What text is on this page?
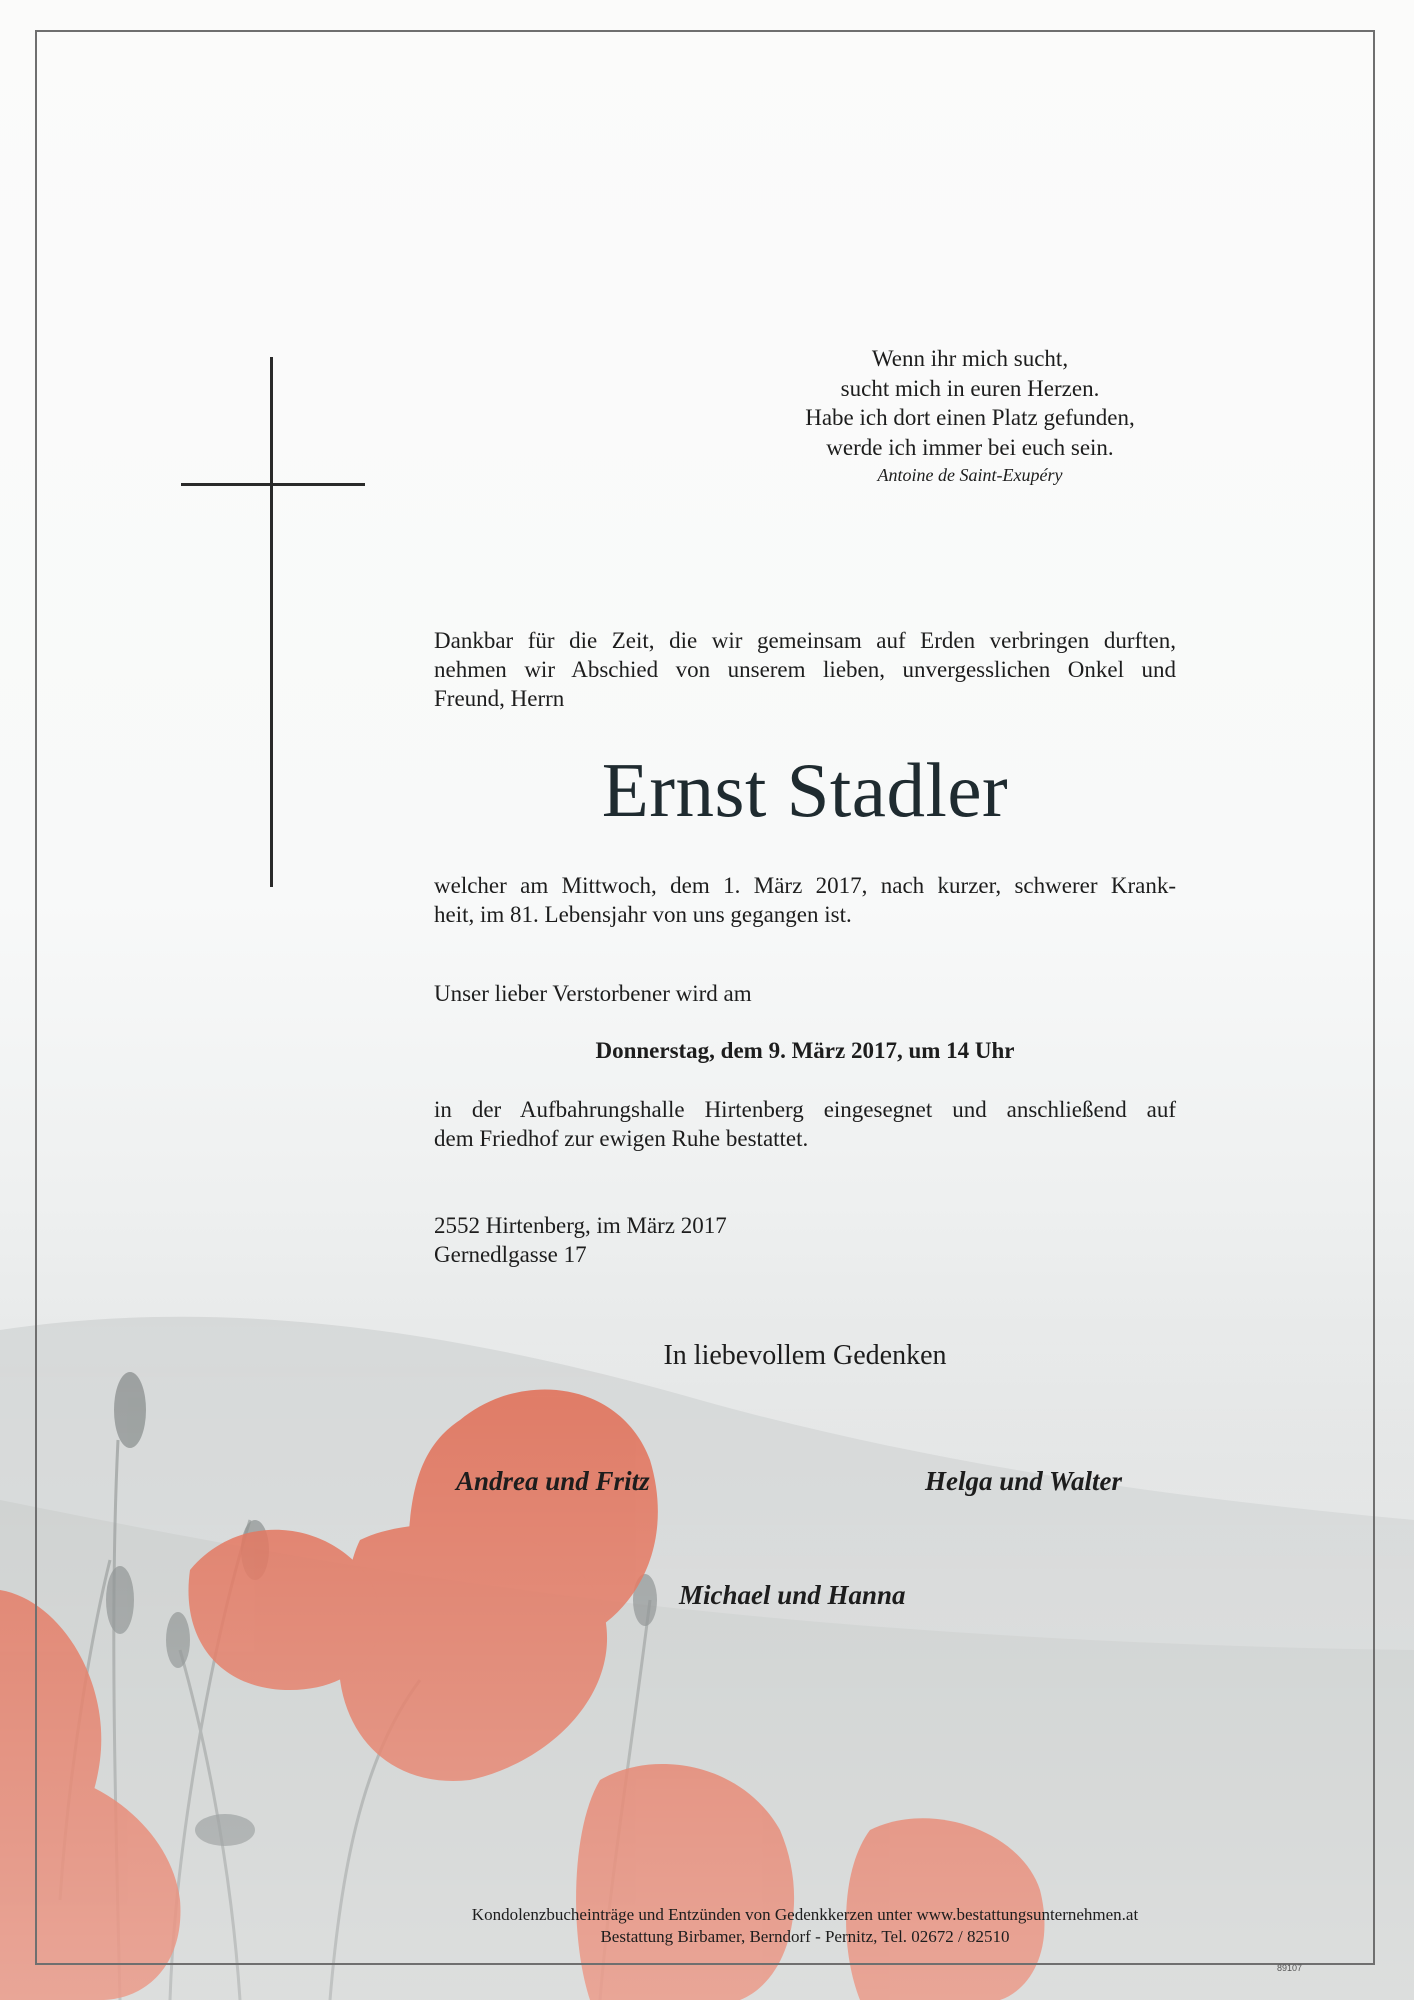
Wenn ihr mich sucht,
sucht mich in euren Herzen.
Habe ich dort einen Platz gefunden,
werde ich immer bei euch sein.
Antoine de Saint-Exupéry
Dankbar für die Zeit, die wir gemeinsam auf Erden verbringen durften,
nehmen wir Abschied von unserem lieben, unvergesslichen Onkel und
Freund, Herrn
Ernst Stadler
welcher am Mittwoch, dem 1. März 2017, nach kurzer, schwerer Krank-
heit, im 81. Lebensjahr von uns gegangen ist.
Unser lieber Verstorbener wird am
Donnerstag, dem 9. März 2017, um 14 Uhr
in der Aufbahrungshalle Hirtenberg eingesegnet und anschließend auf
dem Friedhof zur ewigen Ruhe bestattet.
2552 Hirtenberg, im März 2017
Gernedlgasse 17
In liebevollem Gedenken
Andrea und Fritz	Helga und Walter
Michael und Hanna
Kondolenzbucheinträge und Entzünden von Gedenkkerzen unter www.bestattungsunternehmen.at
Bestattung Birbamer, Berndorf - Pernitz, Tel. 02672 / 82510
89107
